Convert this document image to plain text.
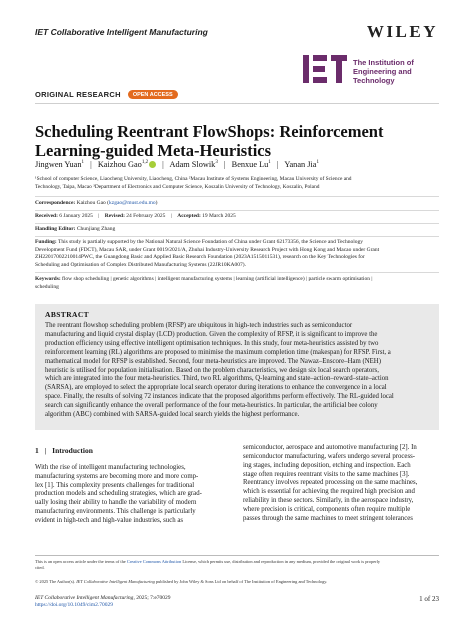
IET Collaborative Intelligent Manufacturing	WILEY
The Institution of
Engineering and Technology
ORIGINAL RESEARCH	OPEN ACCESS
Scheduling Reentrant FlowShops: Reinforcement
Learning-guided Meta-Heuristics
Jingwen Yuan$^1$ | Kaizhou Gao$^{1,2}$ | Adam Slowik$^3$ | Benxue Lu$^1$ | Yanan Jia$^1$
¹School of computer Science, Liaocheng University, Liaocheng, China ²Macau Institute of Systems Engineering, Macau University of Science and
Technology, Taipa, Macao ³Department of Electronics and Computer Science, Koszalin University of Technology, Koszalin, Poland
Correspondence: Kaizhou Gao (kzgao@must.edu.mo)
Received: 6 January 2025 | Revised: 24 February 2025 | Accepted: 19 March 2025
Handling Editor: Chunjiang Zhang
Funding: This study is partially supported by the National Natural Science Foundation of China under Grant 62173356, the Science and Technology
Development Fund (FDCT), Macau SAR, under Grant 0019/2021/A, Zhuhai Industry-University Research Project with Hong Kong and Macao under Grant
ZH22017002210014PWC, the Guangdong Basic and Applied Basic Research Foundation (2023A1515011531), research on the Key Technologies for
Scheduling and Optimisation of Complex Distributed Manufacturing Systems (22JR10KA007).
Keywords: flow shop scheduling | genetic algorithms | intelligent manufacturing systems | learning (artificial intelligence) | particle swarm optimisation |
scheduling
ABSTRACT
The reentrant flowshop scheduling problem (RFSP) are ubiquitous in high-tech industries such as semiconductor
manufacturing and liquid crystal display (LCD) production. Given the complexity of RFSP, it is significant to improve the
production efficiency using effective intelligent optimisation techniques. In this study, four meta-heuristics assisted by two
reinforcement learning (RL) algorithms are proposed to minimise the maximum completion time (makespan) for RFSP. First, a
mathematical model for RFSP is established. Second, four meta-heuristics are improved. The Nawaz–Enscore–Ham (NEH)
heuristic is utilised for population initialisation. Based on the problem characteristics, we design six local search operators,
which are integrated into the four meta-heuristics. Third, two RL algorithms, Q-learning and state–action–reward–state–action
(SARSA), are employed to select the appropriate local search operator during iterations to enhance the convergence in a local
space. Finally, the results of solving 72 instances indicate that the proposed algorithms perform effectively. The RL-guided local
search can significantly enhance the overall performance of the four meta-heuristics. In particular, the artificial bee colony
algorithm (ABC) combined with SARSA-guided local search yields the highest performance.
1 | Introduction
With the rise of intelligent manufacturing technologies,
manufacturing systems are becoming more and more comp-
lex [1]. This complexity presents challenges for traditional
production models and scheduling strategies, which are grad-
ually losing their ability to handle the variability of modern
manufacturing environments. This challenge is particularly
evident in high-tech and high-value industries, such as
semiconductor, aerospace and automotive manufacturing [2]. In
semiconductor manufacturing, wafers undergo several process-
ing stages, including deposition, etching and inspection. Each
stage often requires reentrant visits to the same machines [3].
Reentrancy involves repeated processing on the same machines,
which is essential for achieving the required high precision and
reliability in these sectors. Similarly, in the aerospace industry,
where precision is critical, components often require multiple
passes through the same machines to meet stringent tolerances
This is an open access article under the terms of the Creative Commons Attribution License, which permits use, distribution and reproduction in any medium, provided the original work is properly
cited.
© 2025 The Author(s). IET Collaborative Intelligent Manufacturing published by John Wiley & Sons Ltd on behalf of The Institution of Engineering and Technology.
IET Collaborative Intelligent Manufacturing, 2025; 7:e70029
https://doi.org/10.1049/cim2.70029
1 of 23
